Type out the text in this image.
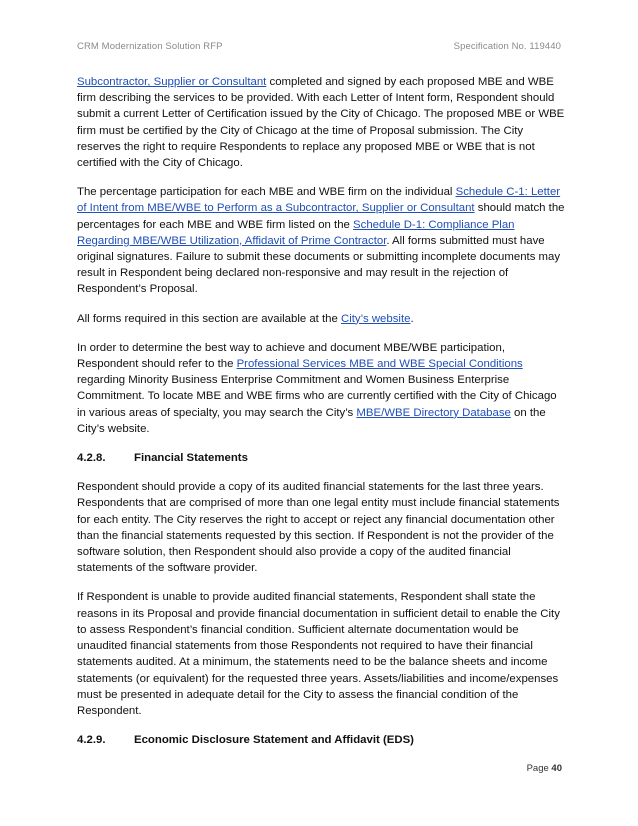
CRM Modernization Solution RFP	Specification No. 119440

Subcontractor, Supplier or Consultant completed and signed by each proposed MBE and WBE firm describing the services to be provided. With each Letter of Intent form, Respondent should submit a current Letter of Certification issued by the City of Chicago. The proposed MBE or WBE firm must be certified by the City of Chicago at the time of Proposal submission. The City reserves the right to require Respondents to replace any proposed MBE or WBE that is not certified with the City of Chicago.

The percentage participation for each MBE and WBE firm on the individual Schedule C-1: Letter of Intent from MBE/WBE to Perform as a Subcontractor, Supplier or Consultant should match the percentages for each MBE and WBE firm listed on the Schedule D-1: Compliance Plan Regarding MBE/WBE Utilization, Affidavit of Prime Contractor. All forms submitted must have original signatures. Failure to submit these documents or submitting incomplete documents may result in Respondent being declared non-responsive and may result in the rejection of Respondent’s Proposal.

All forms required in this section are available at the City’s website.

In order to determine the best way to achieve and document MBE/WBE participation, Respondent should refer to the Professional Services MBE and WBE Special Conditions regarding Minority Business Enterprise Commitment and Women Business Enterprise Commitment. To locate MBE and WBE firms who are currently certified with the City of Chicago in various areas of specialty, you may search the City’s MBE/WBE Directory Database on the City’s website.

4.2.8.	Financial Statements

Respondent should provide a copy of its audited financial statements for the last three years. Respondents that are comprised of more than one legal entity must include financial statements for each entity. The City reserves the right to accept or reject any financial documentation other than the financial statements requested by this section. If Respondent is not the provider of the software solution, then Respondent should also provide a copy of the audited financial statements of the software provider.

If Respondent is unable to provide audited financial statements, Respondent shall state the reasons in its Proposal and provide financial documentation in sufficient detail to enable the City to assess Respondent’s financial condition. Sufficient alternate documentation would be unaudited financial statements from those Respondents not required to have their financial statements audited. At a minimum, the statements need to be the balance sheets and income statements (or equivalent) for the requested three years. Assets/liabilities and income/expenses must be presented in adequate detail for the City to assess the financial condition of the Respondent.

4.2.9.	Economic Disclosure Statement and Affidavit (EDS)
Page 40
